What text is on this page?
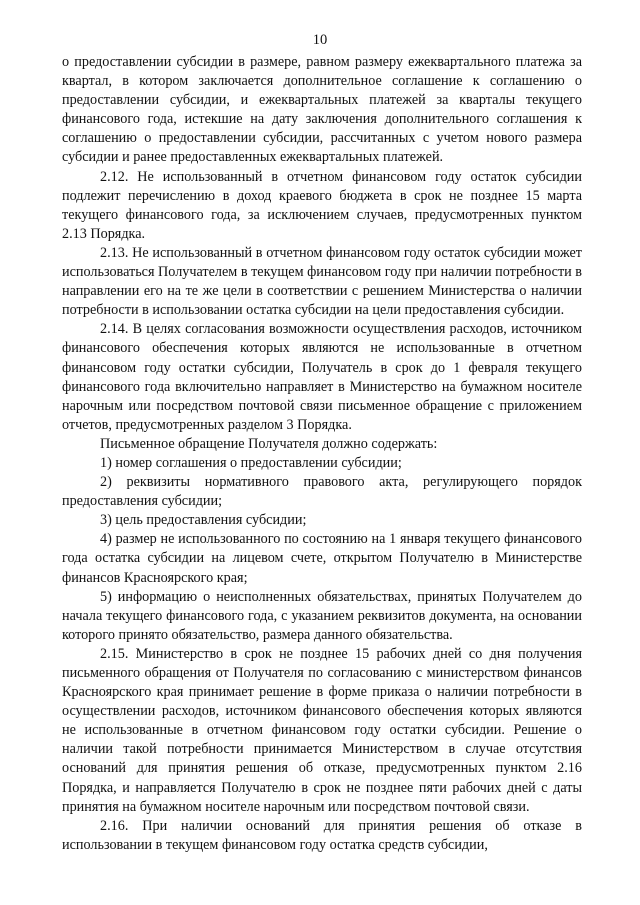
10

о предоставлении субсидии в размере, равном размеру ежеквартального платежа за квартал, в котором заключается дополнительное соглашение к соглашению о предоставлении субсидии, и ежеквартальных платежей за кварталы текущего финансового года, истекшие на дату заключения дополнительного соглашения к соглашению о предоставлении субсидии, рассчитанных с учетом нового размера субсидии и ранее предоставленных ежеквартальных платежей.

2.12. Не использованный в отчетном финансовом году остаток субсидии подлежит перечислению в доход краевого бюджета в срок не позднее 15 марта текущего финансового года, за исключением случаев, предусмотренных пунктом 2.13 Порядка.

2.13. Не использованный в отчетном финансовом году остаток субсидии может использоваться Получателем в текущем финансовом году при наличии потребности в направлении его на те же цели в соответствии с решением Министерства о наличии потребности в использовании остатка субсидии на цели предоставления субсидии.

2.14. В целях согласования возможности осуществления расходов, источником финансового обеспечения которых являются не использованные в отчетном финансовом году остатки субсидии, Получатель в срок до 1 февраля текущего финансового года включительно направляет в Министерство на бумажном носителе нарочным или посредством почтовой связи письменное обращение с приложением отчетов, предусмотренных разделом 3 Порядка.

Письменное обращение Получателя должно содержать:

1) номер соглашения о предоставлении субсидии;

2) реквизиты нормативного правового акта, регулирующего порядок предоставления субсидии;

3) цель предоставления субсидии;

4) размер не использованного по состоянию на 1 января текущего финансового года остатка субсидии на лицевом счете, открытом Получателю в Министерстве финансов Красноярского края;

5) информацию о неисполненных обязательствах, принятых Получателем до начала текущего финансового года, с указанием реквизитов документа, на основании которого принято обязательство, размера данного обязательства.

2.15. Министерство в срок не позднее 15 рабочих дней со дня получения письменного обращения от Получателя по согласованию с министерством финансов Красноярского края принимает решение в форме приказа о наличии потребности в осуществлении расходов, источником финансового обеспечения которых являются не использованные в отчетном финансовом году остатки субсидии. Решение о наличии такой потребности принимается Министерством в случае отсутствия оснований для принятия решения об отказе, предусмотренных пунктом 2.16 Порядка, и направляется Получателю в срок не позднее пяти рабочих дней с даты принятия на бумажном носителе нарочным или посредством почтовой связи.

2.16. При наличии оснований для принятия решения об отказе в использовании в текущем финансовом году остатка средств субсидии,
